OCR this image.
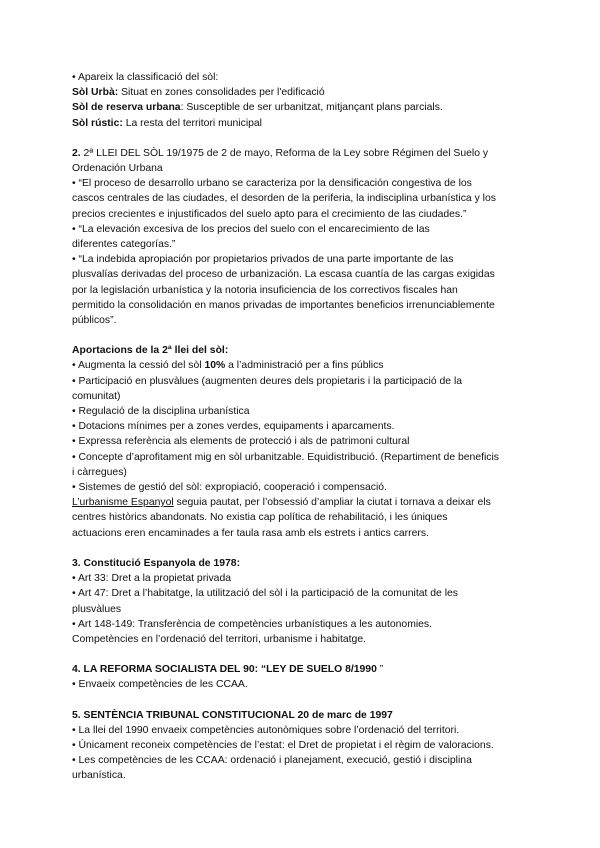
• Apareix la classificació del sòl:
Sòl Urbà: Situat en zones consolidades per l'edificació
Sòl de reserva urbana: Susceptible de ser urbanitzat, mitjançant plans parcials.
Sòl rústic: La resta del territori municipal
2. 2ª LLEI DEL SÒL 19/1975 de 2 de mayo, Reforma de la Ley sobre Régimen del Suelo y
Ordenación Urbana
• “El proceso de desarrollo urbano se caracteriza por la densificación congestiva de los
cascos centrales de las ciudades, el desorden de la periferia, la indisciplina urbanística y los
precios crecientes e injustificados del suelo apto para el crecimiento de las ciudades.”
• “La elevación excesiva de los precios del suelo con el encarecimiento de las
diferentes categorías.”
• “La indebida apropiación por propietarios privados de una parte importante de las
plusvalías derivadas del proceso de urbanización. La escasa cuantía de las cargas exigidas
por la legislación urbanística y la notoria insuficiencia de los correctivos fiscales han
permitido la consolidación en manos privadas de importantes beneficios irrenunciablemente
públicos”.
Aportacions de la 2ª llei del sòl:
• Augmenta la cessió del sòl 10% a l’administració per a fins públics
• Participació en plusvàlues (augmenten deures dels propietaris i la participació de la
comunitat)
• Regulació de la disciplina urbanística
• Dotacions mínimes per a zones verdes, equipaments i aparcaments.
• Expressa referència als elements de protecció i als de patrimoni cultural
• Concepte d’aprofitament mig en sòl urbanitzable. Equidistribució. (Repartiment de beneficis
i càrregues)
• Sistemes de gestió del sòl: expropiació, cooperació i compensació.
L’urbanisme Espanyol seguia pautat, per l’obsessió d’ampliar la ciutat i tornava a deixar els
centres històrics abandonats. No existia cap política de rehabilitació, i les úniques
actuacions eren encaminades a fer taula rasa amb els estrets i antics carrers.
3. Constitució Espanyola de 1978:
• Art 33: Dret a la propietat privada
• Art 47: Dret a l’habitatge, la utilització del sòl i la participació de la comunitat de les
plusvàlues
• Art 148-149: Transferència de competències urbanístiques a les autonomies.
Competències en l’ordenació del territori, urbanisme i habitatge.
4. LA REFORMA SOCIALISTA DEL 90: “LEY DE SUELO 8/1990 ”
• Envaeix competències de les CCAA.
5. SENTÈNCIA TRIBUNAL CONSTITUCIONAL 20 de marc de 1997
• La llei del 1990 envaeix competències autonòmiques sobre l’ordenació del territori.
• Únicament reconeix competències de l’estat: el Dret de propietat i el règim de valoracions.
• Les competències de les CCAA: ordenació i planejament, execució, gestió i disciplina
urbanística.
